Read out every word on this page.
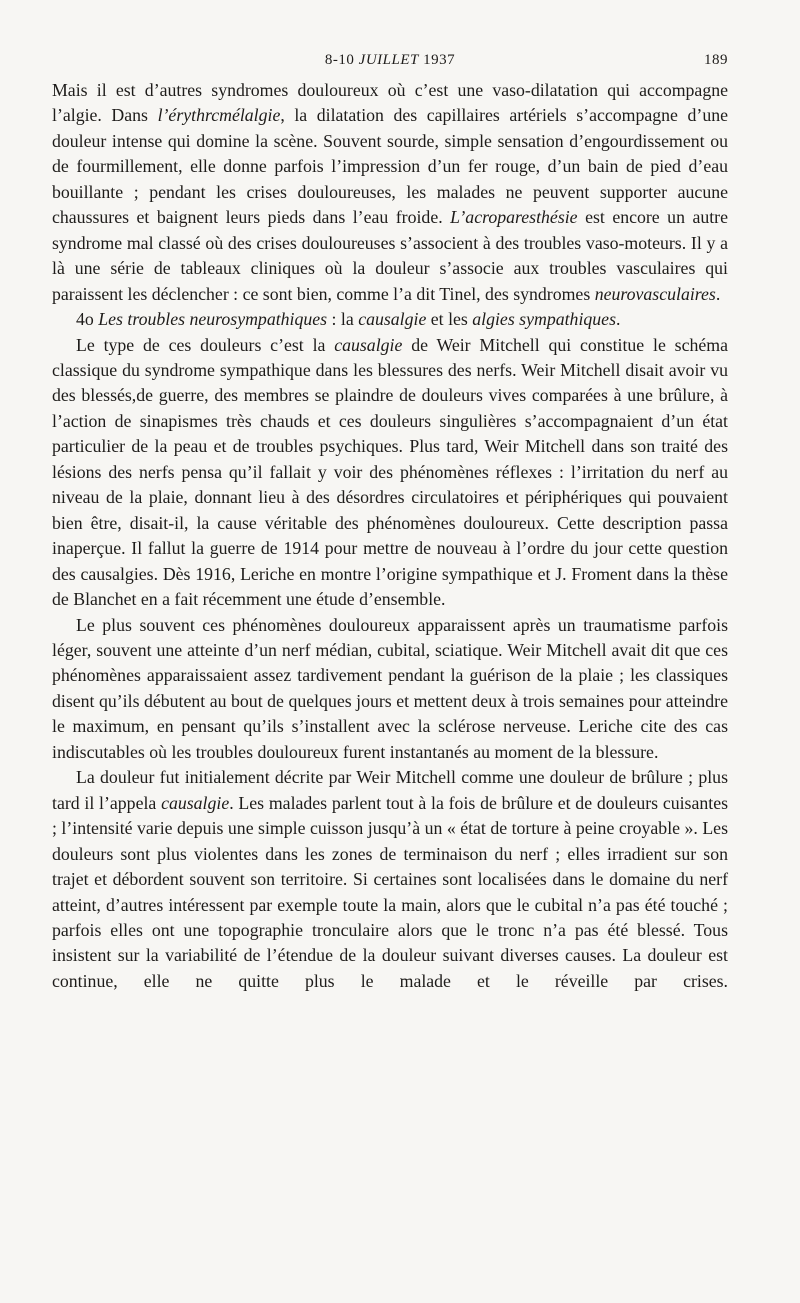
8-10 JUILLET 1937	189

Mais il est d’autres syndromes douloureux où c’est une vaso-dilatation qui accompagne l’algie. Dans l’érythrcmélalgie, la dilatation des capillaires artériels s’accompagne d’une douleur intense qui domine la scène. Souvent sourde, simple sensation d’engourdissement ou de fourmillement, elle donne parfois l’impression d’un fer rouge, d’un bain de pied d’eau bouillante ; pendant les crises douloureuses, les malades ne peuvent supporter aucune chaussures et baignent leurs pieds dans l’eau froide. L’acroparesthésie est encore un autre syndrome mal classé où des crises douloureuses s’associent à des troubles vaso-moteurs. Il y a là une série de tableaux cliniques où la douleur s’associe aux troubles vasculaires qui paraissent les déclencher : ce sont bien, comme l’a dit Tinel, des syndromes neurovasculaires.

4o Les troubles neurosympathiques : la causalgie et les algies sympathiques.

Le type de ces douleurs c’est la causalgie de Weir Mitchell qui constitue le schéma classique du syndrome sympathique dans les blessures des nerfs. Weir Mitchell disait avoir vu des blessés,de guerre, des membres se plaindre de douleurs vives comparées à une brûlure, à l’action de sinapismes très chauds et ces douleurs singulières s’accompagnaient d’un état particulier de la peau et de troubles psychiques. Plus tard, Weir Mitchell dans son traité des lésions des nerfs pensa qu’il fallait y voir des phénomènes réflexes : l’irritation du nerf au niveau de la plaie, donnant lieu à des désordres circulatoires et périphériques qui pouvaient bien être, disait-il, la cause véritable des phénomènes douloureux. Cette description passa inaperçue. Il fallut la guerre de 1914 pour mettre de nouveau à l’ordre du jour cette question des causalgies. Dès 1916, Leriche en montre l’origine sympathique et J. Froment dans la thèse de Blanchet en a fait récemment une étude d’ensemble.

Le plus souvent ces phénomènes douloureux apparaissent après un traumatisme parfois léger, souvent une atteinte d’un nerf médian, cubital, sciatique. Weir Mitchell avait dit que ces phénomènes apparaissaient assez tardivement pendant la guérison de la plaie ; les classiques disent qu’ils débutent au bout de quelques jours et mettent deux à trois semaines pour atteindre le maximum, en pensant qu’ils s’installent avec la sclérose nerveuse. Leriche cite des cas indiscutables où les troubles douloureux furent instantanés au moment de la blessure.

La douleur fut initialement décrite par Weir Mitchell comme une douleur de brûlure ; plus tard il l’appela causalgie. Les malades parlent tout à la fois de brûlure et de douleurs cuisantes ; l’intensité varie depuis une simple cuisson jusqu’à un « état de torture à peine croyable ». Les douleurs sont plus violentes dans les zones de terminaison du nerf ; elles irradient sur son trajet et débordent souvent son territoire. Si certaines sont localisées dans le domaine du nerf atteint, d’autres intéressent par exemple toute la main, alors que le cubital n’a pas été touché ; parfois elles ont une topographie tronculaire alors que le tronc n’a pas été blessé. Tous insistent sur la variabilité de l’étendue de la douleur suivant diverses causes. La douleur est continue, elle ne quitte plus le malade et le réveille par crises.
